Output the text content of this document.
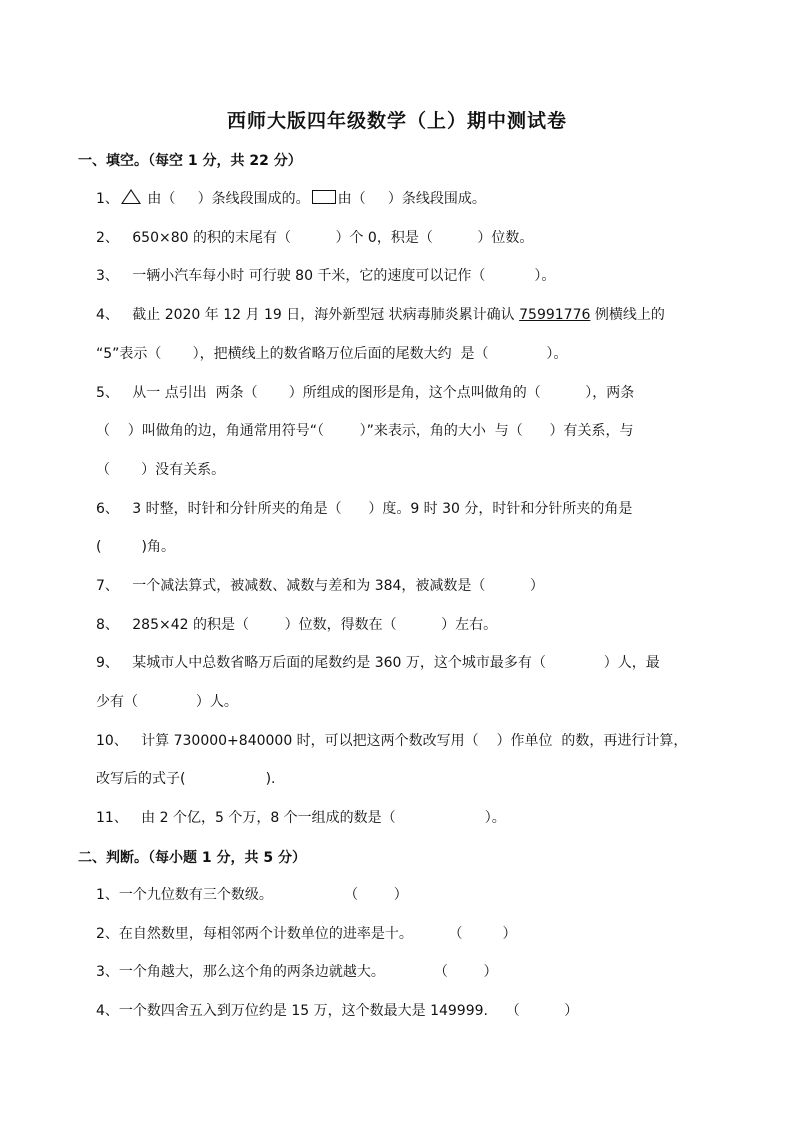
西师大版四年级数学（上）期中测试卷
一、填空。（每空 1 分，共 22 分）
1、 由（     ）条线段围成的。 由（     ）条线段围成。
2、   650×80 的积的末尾有（          ）个 0，积是（          ）位数。
3、   一辆小汽车每小时 可行驶 80 千米，它的速度可以记作（           ）。
4、   截止 2020 年 12 月 19 日，海外新型冠 状病毒肺炎累计确认 75991776 例横线上的
“5”表示（       ），把横线上的数省略万位后面的尾数大约  是（             ）。
5、   从一 点引出  两条（       ）所组成的图形是角，这个点叫做角的（          ），两条
（    ）叫做角的边，角通常用符号“（        ）”来表示，角的大小  与（      ）有关系，与
（       ）没有关系。
6、   3 时整，时针和分针所夹的角是（      ）度。9 时 30 分，时针和分针所夹的角是
(         )角。
7、   一个减法算式，被减数、减数与差和为 384，被减数是（          ）
8、   285×42 的积是（        ）位数，得数在（          ）左右。
9、   某城市人中总数省略万后面的尾数约是 360 万，这个城市最多有（             ）人，最
少有（             ）人。
10、   计算 730000+840000 时，可以把这两个数改写用（    ）作单位  的数，再进行计算，
改写后的式子(                  ).
11、   由 2 个亿，5 个万，8 个一组成的数是（                    ）。
二、判断。（每小题 1 分，共 5 分）
1、一个九位数有三个数级。                （        ）
2、在自然数里，每相邻两个计数单位的进率是十。        （         ）
3、一个角越大，那么这个角的两条边就越大。           （        ）
4、一个数四舍五入到万位约是 15 万，这个数最大是 149999.    （          ）
